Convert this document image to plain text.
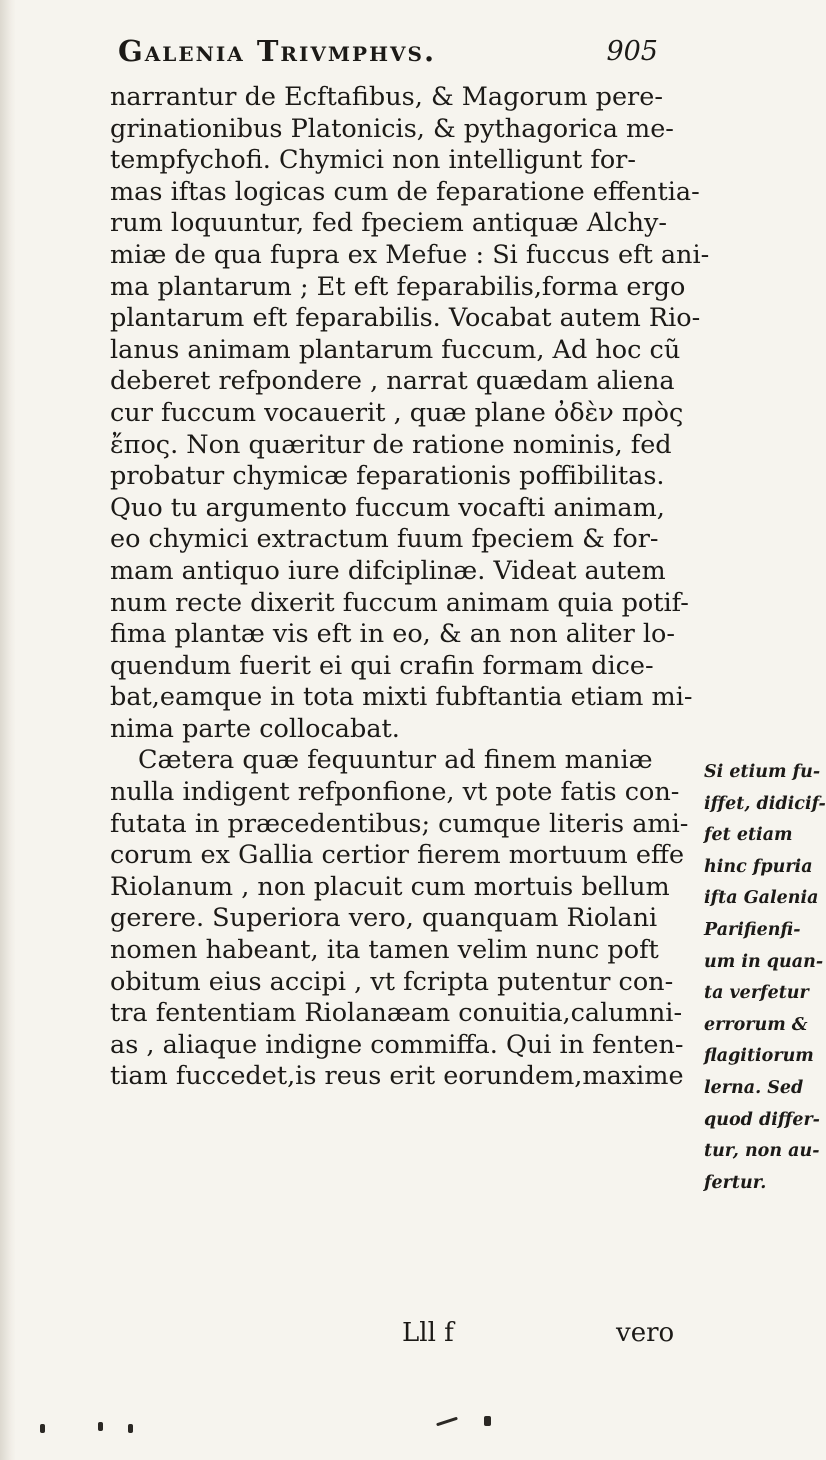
Galenia Trivmphvs.	905
narrantur de Ecftafibus, & Magorum pere-
grinationibus Platonicis, & pythagorica me-
tempfychofi. Chymici non intelligunt for-
mas iftas logicas cum de feparatione effentia-
rum loquuntur, fed fpeciem antiquæ Alchy-
miæ de qua fupra ex Mefue : Si fuccus eft ani-
ma plantarum ; Et eft feparabilis,forma ergo
plantarum eft feparabilis. Vocabat autem Rio-
lanus animam plantarum fuccum, Ad hoc cũ
deberet refpondere , narrat quædam aliena
cur fuccum vocauerit , quæ plane ὀδὲν πρὸς
ἔπος. Non quæritur de ratione nominis, fed
probatur chymicæ feparationis poffibilitas.
Quo tu argumento fuccum vocafti animam,
eo chymici extractum fuum fpeciem & for-
mam antiquo iure difciplinæ. Videat autem
num recte dixerit fuccum animam quia potif-
fima plantæ vis eft in eo, & an non aliter lo-
quendum fuerit ei qui crafin formam dice-
bat,eamque in tota mixti fubftantia etiam mi-
nima parte collocabat.
Cætera quæ fequuntur ad finem maniæ
nulla indigent refponfione, vt pote fatis con-
futata in præcedentibus; cumque literis ami-
corum ex Gallia certior fierem mortuum effe
Riolanum , non placuit cum mortuis bellum
gerere. Superiora vero, quanquam Riolani
nomen habeant, ita tamen velim nunc poft
obitum eius accipi , vt fcripta putentur con-
tra fententiam Riolanæam conuitia,calumni-
as , aliaque indigne commiffa. Qui in fenten-
tiam fuccedet,is reus erit eorundem,maxime
Si etium fu-
iffet, didicif-
fet etiam
hinc fpuria
ifta Galenia
Parifienfi-
um in quan-
ta verfetur
errorum &
flagitiorum
lerna. Sed
quod differ-
tur, non au-
fertur.
Lll f	vero
